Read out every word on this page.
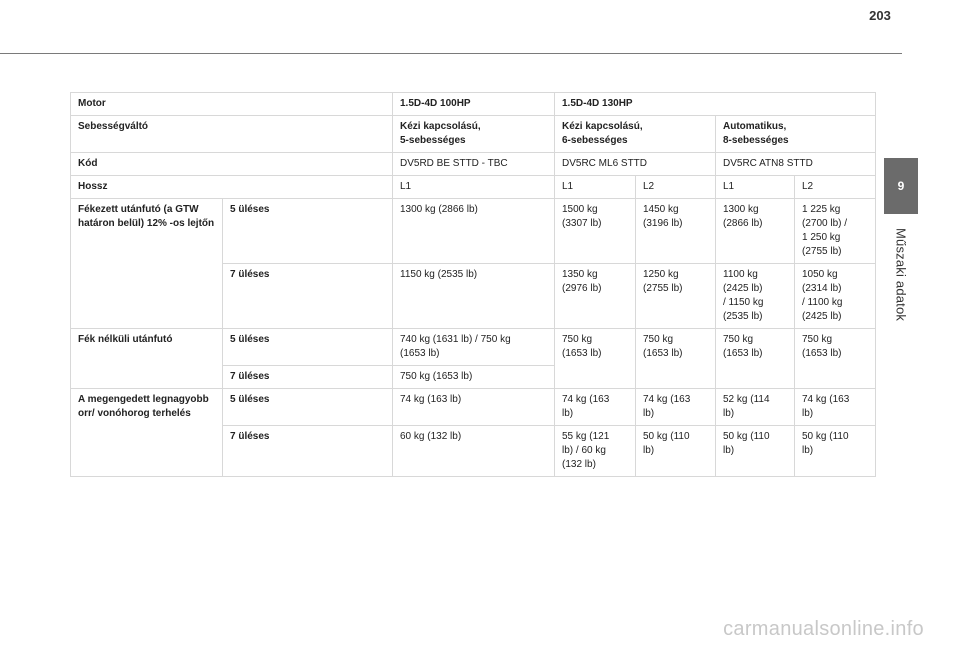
203
9
Műszaki adatok
Motor		1.5D-4D 100HP	1.5D-4D 130HP			
Sebességváltó		Kézi kapcsolású,
5-sebességes	Kézi kapcsolású,
6-sebességes		Automatikus,
8-sebességes	
Kód		DV5RD BE STTD - TBC	DV5RC ML6 STTD		DV5RC ATN8 STTD	
Hossz		L1	L1	L2	L1	L2
Fékezett utánfutó (a GTW határon belül) 12% -os lejtőn	5 üléses	1300 kg (2866 lb)	1500 kg
(3307 lb)	1450 kg
(3196 lb)	1300 kg
(2866 lb)	1 225 kg
(2700 lb) /
1 250 kg
(2755 lb)
	7 üléses	1150 kg (2535 lb)	1350 kg
(2976 lb)	1250 kg
(2755 lb)	1100 kg
(2425 lb)
/ 1150 kg
(2535 lb)	1050 kg
(2314 lb)
/ 1100 kg
(2425 lb)
Fék nélküli utánfutó	5 üléses	740 kg (1631 lb) / 750 kg
(1653 lb)	750 kg
(1653 lb)	750 kg
(1653 lb)	750 kg
(1653 lb)	750 kg
(1653 lb)
	7 üléses	750 kg (1653 lb)				
A megengedett legnagyobb orr/ vonóhorog terhelés	5 üléses	74 kg (163 lb)	74 kg (163
lb)	74 kg (163
lb)	52 kg (114
lb)	74 kg (163
lb)
	7 üléses	60 kg (132 lb)	55 kg (121
lb) / 60 kg
(132 lb)	50 kg (110
lb)	50 kg (110
lb)	50 kg (110
lb)
carmanualsonline.info
